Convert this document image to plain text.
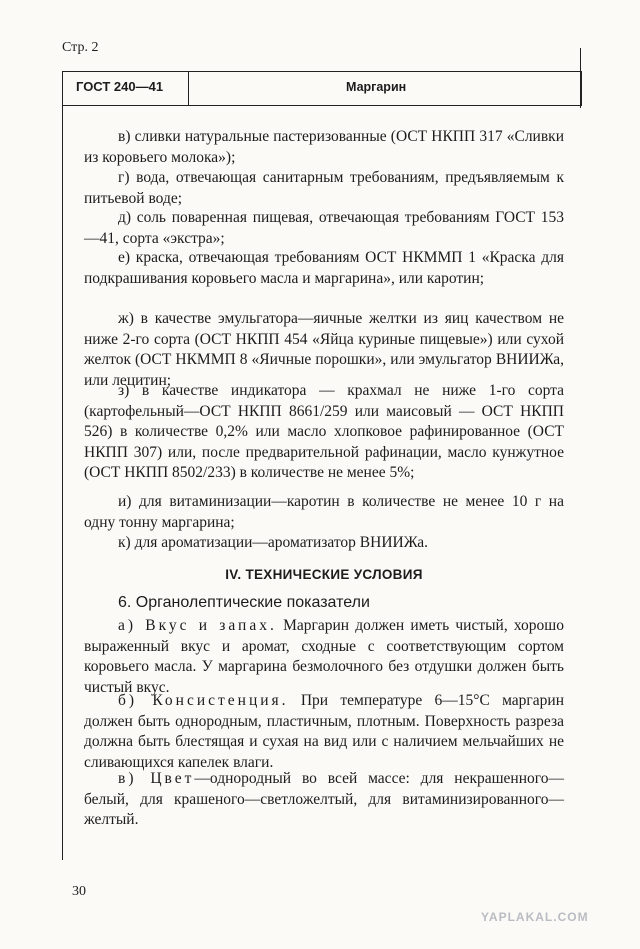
Стр. 2
ГОСТ 240—41	Маргарин
в) сливки натуральные пастеризованные (ОСТ НКПП 317 «Сливки из коровьего молока»);
г) вода, отвечающая санитарным требованиям, предъявляемым к питьевой воде;
д) соль поваренная пищевая, отвечающая требованиям ГОСТ 153—41, сорта «экстра»;
е) краска, отвечающая требованиям ОСТ НКММП 1 «Краска для подкрашивания коровьего масла и маргарина», или каротин;
ж) в качестве эмульгатора—яичные желтки из яиц качеством не ниже 2-го сорта (ОСТ НКПП 454 «Яйца куриные пищевые») или сухой желток (ОСТ НКММП 8 «Яичные порошки», или эмульгатор ВНИИЖа, или лецитин;
з) в качестве индикатора — крахмал не ниже 1-го сорта (картофельный—ОСТ НКПП 8661/259 или маисовый — ОСТ НКПП 526) в количестве 0,2% или масло хлопковое рафинированное (ОСТ НКПП 307) или, после предварительной рафинации, масло кунжутное (ОСТ НКПП 8502/233) в количестве не менее 5%;
и) для витаминизации—каротин в количестве не менее 10 г на одну тонну маргарина;
к) для ароматизации—ароматизатор ВНИИЖа.
IV. ТЕХНИЧЕСКИЕ УСЛОВИЯ
6. Органолептические показатели
а) Вкус и запах. Маргарин должен иметь чистый, хорошо выраженный вкус и аромат, сходные с соответствующим сортом коровьего масла. У маргарина безмолочного без отдушки должен быть чистый вкус.
б) Консистенция. При температуре 6—15°С маргарин должен быть однородным, пластичным, плотным. Поверхность разреза должна быть блестящая и сухая на вид или с наличием мельчайших не сливающихся капелек влаги.
в) Цвет—однородный во всей массе: для некрашенного—белый, для крашеного—светложелтый, для витаминизированного—желтый.
30
YAPLAKAL.COM
